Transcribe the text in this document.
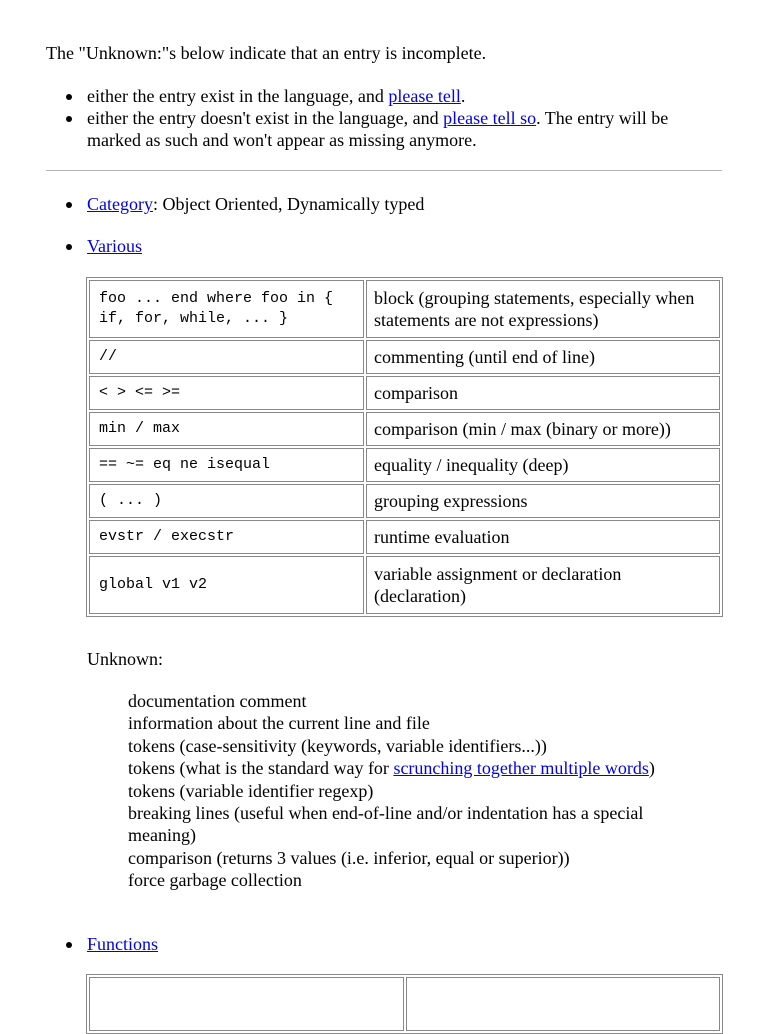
The "Unknown:"s below indicate that an entry is incomplete.
either the entry exist in the language, and please tell.
either the entry doesn't exist in the language, and please tell so. The entry will be marked as such and won't appear as missing anymore.
Category: Object Oriented, Dynamically typed
Various
foo ... end where foo in { if, for, while, ... }	block (grouping statements, especially when statements are not expressions)
//	commenting (until end of line)
< > <= >=	comparison
min / max	comparison (min / max (binary or more))
== ~= eq ne isequal	equality / inequality (deep)
( ... )	grouping expressions
evstr / execstr	runtime evaluation
global v1 v2	variable assignment or declaration (declaration)
Unknown:
documentation comment
information about the current line and file
tokens (case-sensitivity (keywords, variable identifiers...))
tokens (what is the standard way for scrunching together multiple words)
tokens (variable identifier regexp)
breaking lines (useful when end-of-line and/or indentation has a special meaning)
comparison (returns 3 values (i.e. inferior, equal or superior))
force garbage collection
Functions
